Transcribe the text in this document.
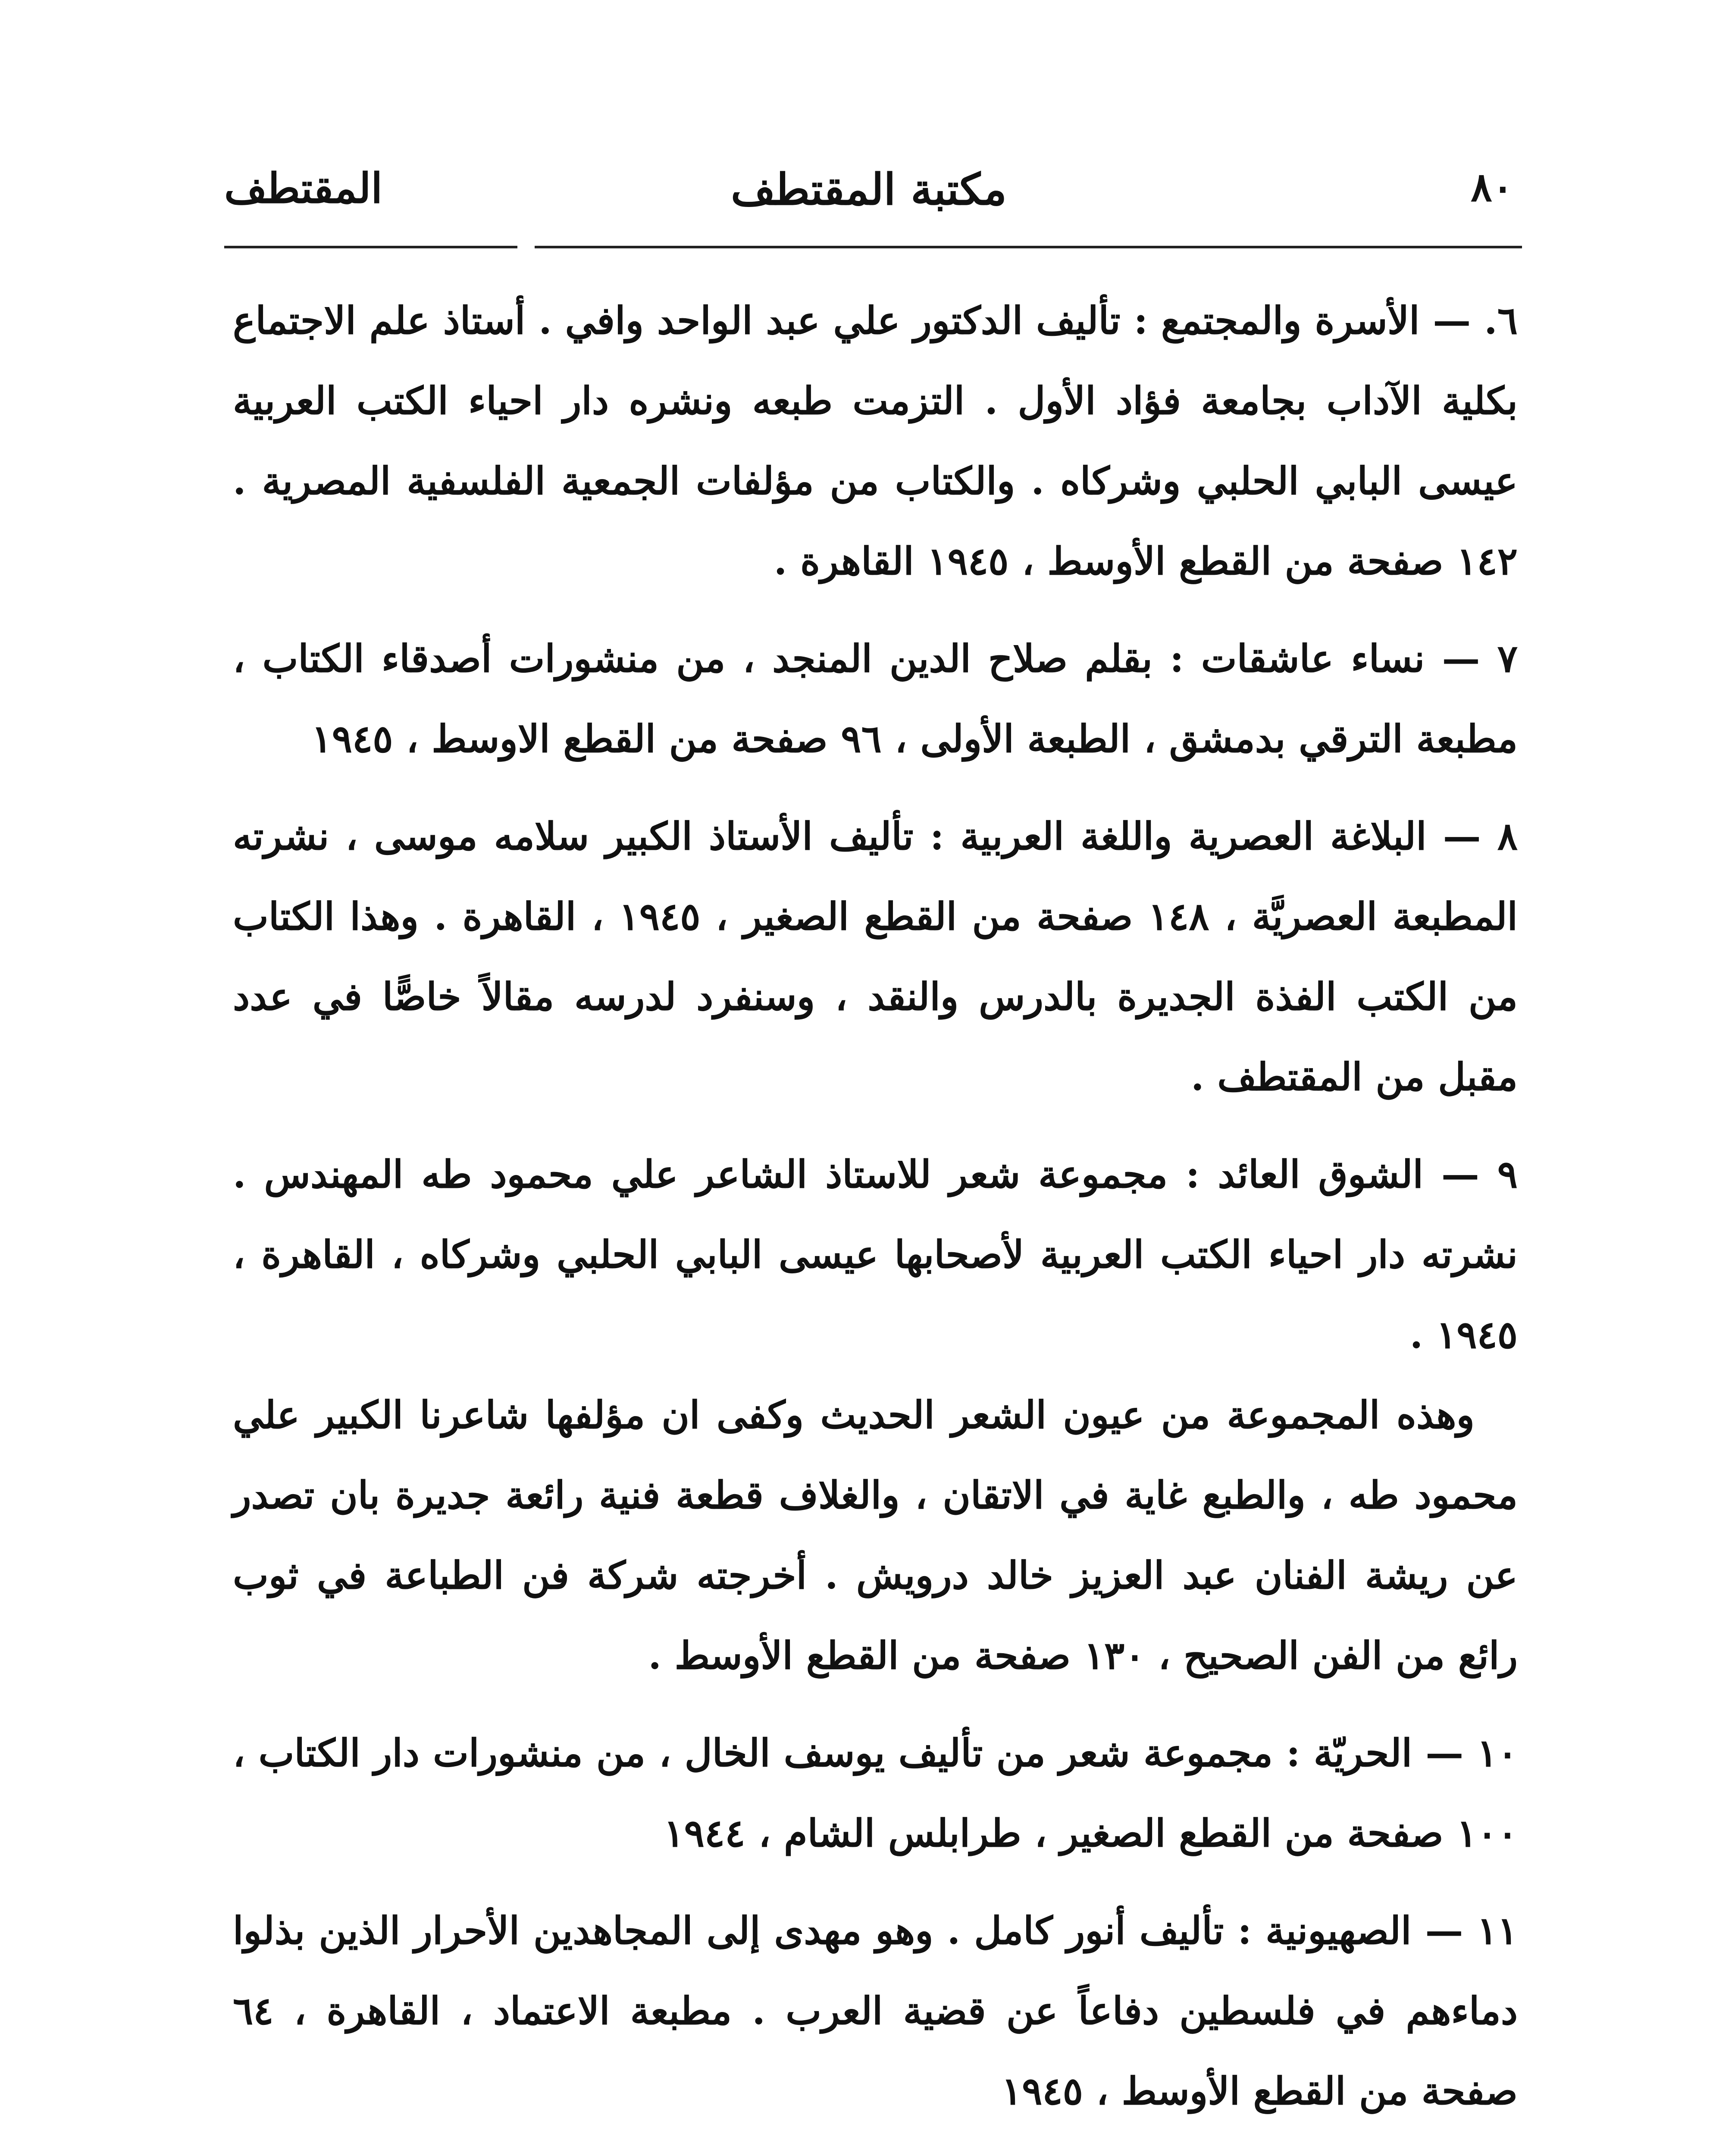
٨٠
مكتبة المقتطف
المقتطف

٦. — الأسرة والمجتمع : تأليف الدكتور علي عبد الواحد وافي . أستاذ علم الاجتماع بكلية الآداب بجامعة فؤاد الأول . التزمت طبعه ونشره دار احياء الكتب العربية عيسى البابي الحلبي وشركاه . والكتاب من مؤلفات الجمعية الفلسفية المصرية . ١٤٢ صفحة من القطع الأوسط ، ١٩٤٥ القاهرة .

٧ — نساء عاشقات : بقلم صلاح الدين المنجد ، من منشورات أصدقاء الكتاب ، مطبعة الترقي بدمشق ، الطبعة الأولى ، ٩٦ صفحة من القطع الاوسط ، ١٩٤٥

٨ — البلاغة العصرية واللغة العربية : تأليف الأستاذ الكبير سلامه موسى ، نشرته المطبعة العصريَّة ، ١٤٨ صفحة من القطع الصغير ، ١٩٤٥ ، القاهرة . وهذا الكتاب من الكتب الفذة الجديرة بالدرس والنقد ، وسنفرد لدرسه مقالاً خاصًّا في عدد مقبل من المقتطف .

٩ — الشوق العائد : مجموعة شعر للاستاذ الشاعر علي محمود طه المهندس . نشرته دار احياء الكتب العربية لأصحابها عيسى البابي الحلبي وشركاه ، القاهرة ، ١٩٤٥ .

وهذه المجموعة من عيون الشعر الحديث وكفى ان مؤلفها شاعرنا الكبير علي محمود طه ، والطبع غاية في الاتقان ، والغلاف قطعة فنية رائعة جديرة بان تصدر عن ريشة الفنان عبد العزيز خالد درويش . أخرجته شركة فن الطباعة في ثوب رائع من الفن الصحيح ، ١٣٠ صفحة من القطع الأوسط .

١٠ — الحريّة : مجموعة شعر من تأليف يوسف الخال ، من منشورات دار الكتاب ، ١٠٠ صفحة من القطع الصغير ، طرابلس الشام ، ١٩٤٤

١١ — الصهيونية : تأليف أنور كامل . وهو مهدى إلى المجاهدين الأحرار الذين بذلوا دماءهم في فلسطين دفاعاً عن قضية العرب . مطبعة الاعتماد ، القاهرة ، ٦٤ صفحة من القطع الأوسط ، ١٩٤٥
